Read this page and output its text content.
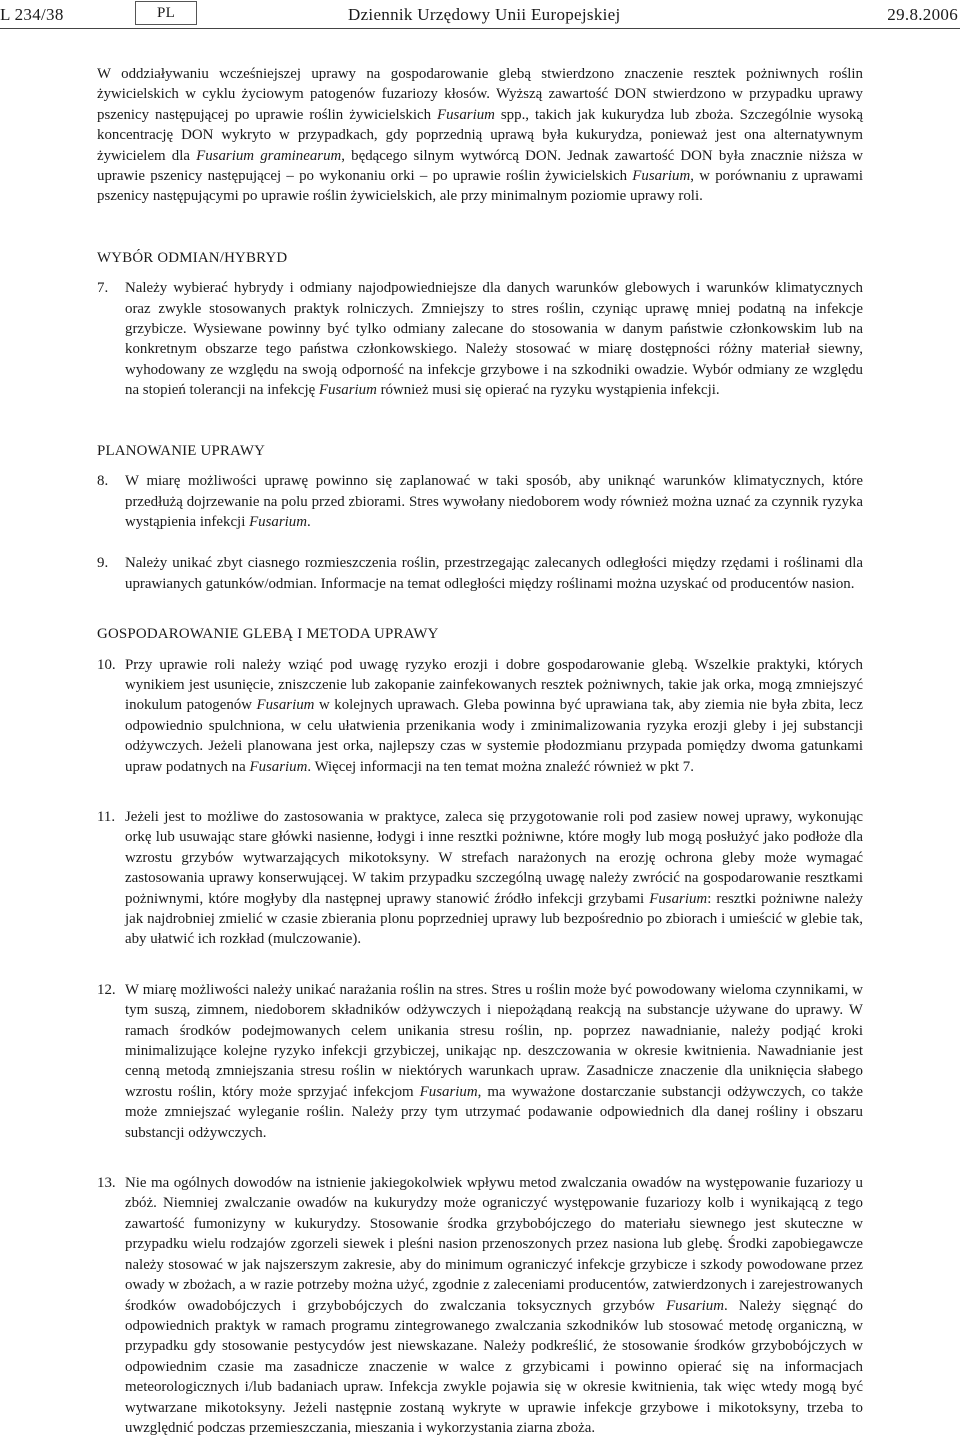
L 234/38	PL	Dziennik Urzędowy Unii Europejskiej	29.8.2006

W oddziaływaniu wcześniejszej uprawy na gospodarowanie glebą stwierdzono znaczenie resztek pożniwnych roślin żywicielskich w cyklu życiowym patogenów fuzariozy kłosów. Wyższą zawartość DON stwierdzono w przypadku uprawy pszenicy następującej po uprawie roślin żywicielskich Fusarium spp., takich jak kukurydza lub zboża. Szczególnie wysoką koncentrację DON wykryto w przypadkach, gdy poprzednią uprawą była kukurydza, ponieważ jest ona alternatywnym żywicielem dla Fusarium graminearum, będącego silnym wytwórcą DON. Jednak zawartość DON była znacznie niższa w uprawie pszenicy następującej – po wykonaniu orki – po uprawie roślin żywicielskich Fusarium, w porównaniu z uprawami pszenicy następującymi po uprawie roślin żywicielskich, ale przy minimalnym poziomie uprawy roli.

WYBÓR ODMIAN/HYBRYD

7.	Należy wybierać hybrydy i odmiany najodpowiedniejsze dla danych warunków glebowych i warunków klimatycznych oraz zwykle stosowanych praktyk rolniczych. Zmniejszy to stres roślin, czyniąc uprawę mniej podatną na infekcje grzybicze. Wysiewane powinny być tylko odmiany zalecane do stosowania w danym państwie członkowskim lub na konkretnym obszarze tego państwa członkowskiego. Należy stosować w miarę dostępności różny materiał siewny, wyhodowany ze względu na swoją odporność na infekcje grzybowe i na szkodniki owadzie. Wybór odmiany ze względu na stopień tolerancji na infekcję Fusarium również musi się opierać na ryzyku wystąpienia infekcji.

PLANOWANIE UPRAWY

8.	W miarę możliwości uprawę powinno się zaplanować w taki sposób, aby uniknąć warunków klimatycznych, które przedłużą dojrzewanie na polu przed zbiorami. Stres wywołany niedoborem wody również można uznać za czynnik ryzyka wystąpienia infekcji Fusarium.
9.	Należy unikać zbyt ciasnego rozmieszczenia roślin, przestrzegając zalecanych odległości między rzędami i roślinami dla uprawianych gatunków/odmian. Informacje na temat odległości między roślinami można uzyskać od producentów nasion.

GOSPODAROWANIE GLEBĄ I METODA UPRAWY

10. Przy uprawie roli należy wziąć pod uwagę ryzyko erozji i dobre gospodarowanie glebą. Wszelkie praktyki, których wynikiem jest usunięcie, zniszczenie lub zakopanie zainfekowanych resztek pożniwnych, takie jak orka, mogą zmniejszyć inokulum patogenów Fusarium w kolejnych uprawach. Gleba powinna być uprawiana tak, aby ziemia nie była zbita, lecz odpowiednio spulchniona, w celu ułatwienia przenikania wody i zminimalizowania ryzyka erozji gleby i jej substancji odżywczych. Jeżeli planowana jest orka, najlepszy czas w systemie płodozmianu przypada pomiędzy dwoma gatunkami upraw podatnych na Fusarium. Więcej informacji na ten temat można znaleźć również w pkt 7.
11. Jeżeli jest to możliwe do zastosowania w praktyce, zaleca się przygotowanie roli pod zasiew nowej uprawy, wykonując orkę lub usuwając stare główki nasienne, łodygi i inne resztki pożniwne, które mogły lub mogą posłużyć jako podłoże dla wzrostu grzybów wytwarzających mikotoksyny. W strefach narażonych na erozję ochrona gleby może wymagać zastosowania uprawy konserwującej. W takim przypadku szczególną uwagę należy zwrócić na gospodarowanie resztkami pożniwnymi, które mogłyby dla następnej uprawy stanowić źródło infekcji grzybami Fusarium: resztki pożniwne należy jak najdrobniej zmielić w czasie zbierania plonu poprzedniej uprawy lub bezpośrednio po zbiorach i umieścić w glebie tak, aby ułatwić ich rozkład (mulczowanie).
12. W miarę możliwości należy unikać narażania roślin na stres. Stres u roślin może być powodowany wieloma czynnikami, w tym suszą, zimnem, niedoborem składników odżywczych i niepożądaną reakcją na substancje używane do uprawy. W ramach środków podejmowanych celem unikania stresu roślin, np. poprzez nawadnianie, należy podjąć kroki minimalizujące kolejne ryzyko infekcji grzybiczej, unikając np. deszczowania w okresie kwitnienia. Nawadnianie jest cenną metodą zmniejszania stresu roślin w niektórych warunkach upraw. Zasadnicze znaczenie dla uniknięcia słabego wzrostu roślin, który może sprzyjać infekcjom Fusarium, ma wyważone dostarczanie substancji odżywczych, co także może zmniejszać wyleganie roślin. Należy przy tym utrzymać podawanie odpowiednich dla danej rośliny i obszaru substancji odżywczych.
13. Nie ma ogólnych dowodów na istnienie jakiegokolwiek wpływu metod zwalczania owadów na występowanie fuzariozy u zbóż. Niemniej zwalczanie owadów na kukurydzy może ograniczyć występowanie fuzariozy kolb i wynikającą z tego zawartość fumonizyny w kukurydzy. Stosowanie środka grzybobójczego do materiału siewnego jest skuteczne w przypadku wielu rodzajów zgorzeli siewek i pleśni nasion przenoszonych przez nasiona lub glebę. Środki zapobiegawcze należy stosować w jak najszerszym zakresie, aby do minimum ograniczyć infekcje grzybicze i szkody powodowane przez owady w zbożach, a w razie potrzeby można użyć, zgodnie z zaleceniami producentów, zatwierdzonych i zarejestrowanych środków owadobójczych i grzybobójczych do zwalczania toksycznych grzybów Fusarium. Należy sięgnąć do odpowiednich praktyk w ramach programu zintegrowanego zwalczania szkodników lub stosować metodę organiczną, w przypadku gdy stosowanie pestycydów jest niewskazane. Należy podkreślić, że stosowanie środków grzybobójczych w odpowiednim czasie ma zasadnicze znaczenie w walce z grzybicami i powinno opierać się na informacjach meteorologicznych i/lub badaniach upraw. Infekcja zwykle pojawia się w okresie kwitnienia, tak więc wtedy mogą być wytwarzane mikotoksyny. Jeżeli następnie zostaną wykryte w uprawie infekcje grzybowe i mikotoksyny, trzeba to uwzględnić podczas przemieszczania, mieszania i wykorzystania ziarna zboża.
